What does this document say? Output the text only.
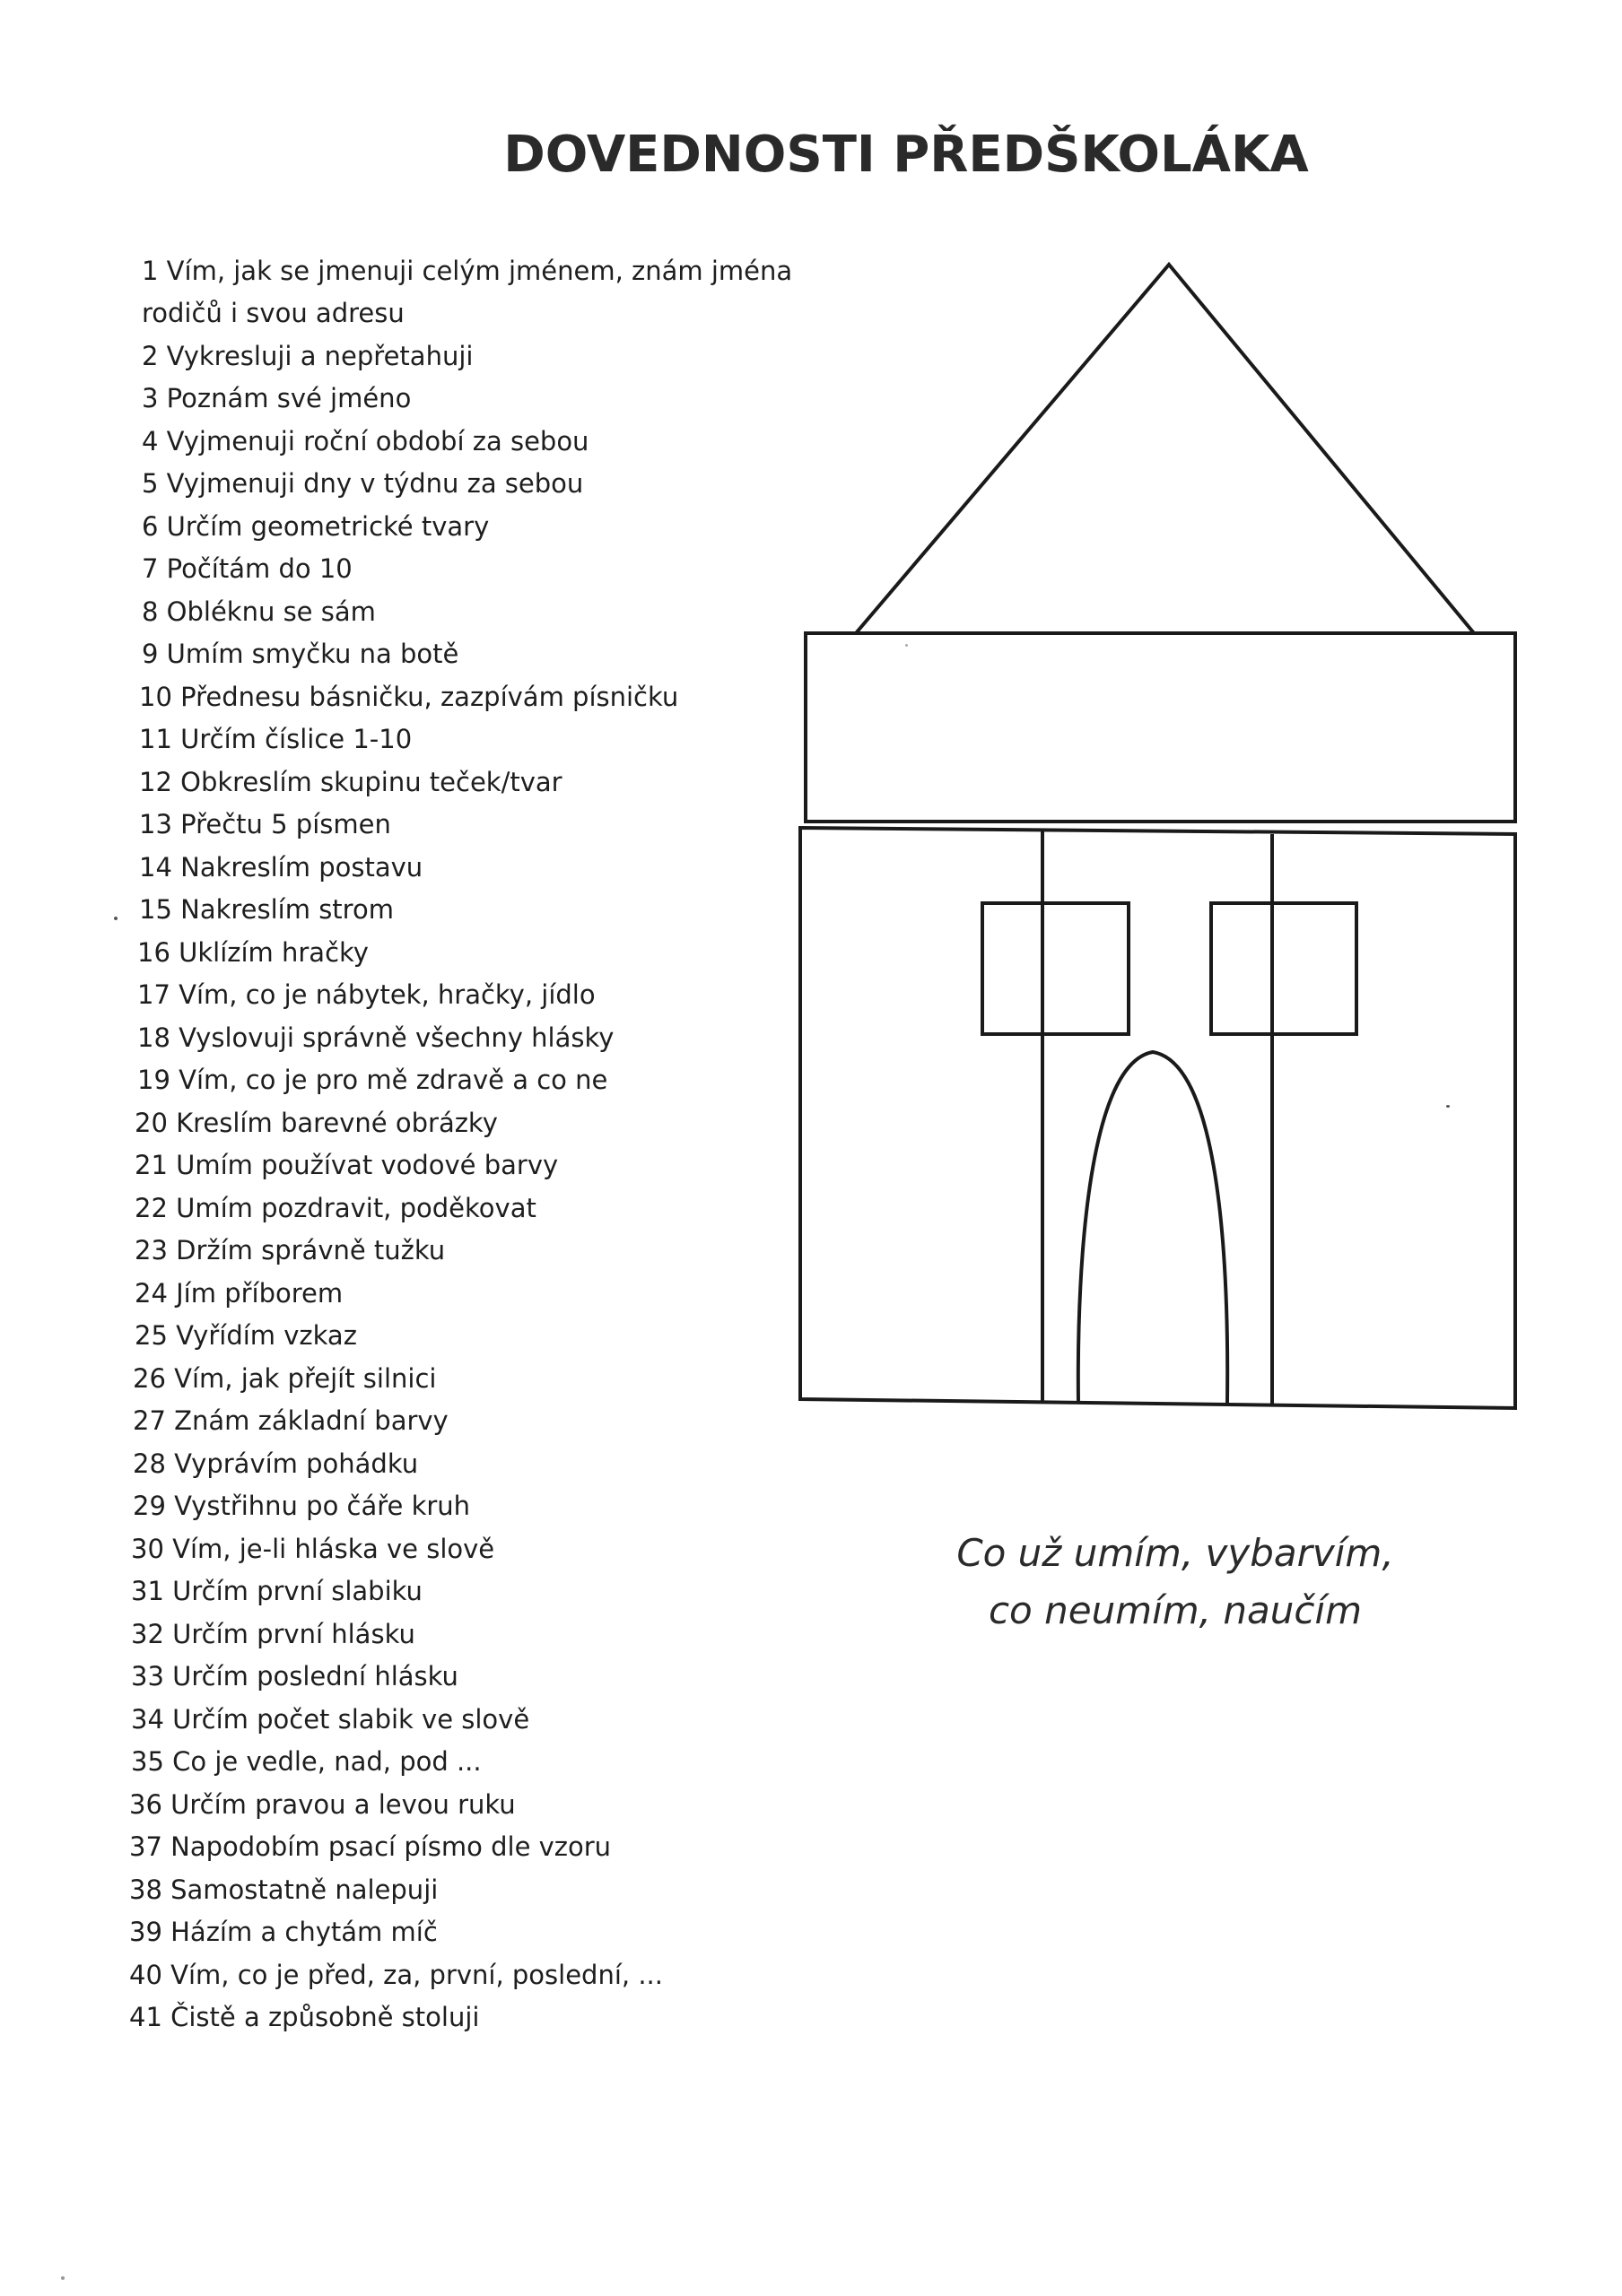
DOVEDNOSTI PŘEDŠKOLÁKA
1 Vím, jak se jmenuji celým jménem, znám jména
rodičů i svou adresu
2 Vykresluji a nepřetahuji
3 Poznám své jméno
4 Vyjmenuji roční období za sebou
5 Vyjmenuji dny v týdnu za sebou
6 Určím geometrické tvary
7 Počítám do 10
8 Obléknu se sám
9 Umím smyčku na botě
10 Přednesu básničku, zazpívám písničku
11 Určím číslice 1-10
12 Obkreslím skupinu teček/tvar
13 Přečtu 5 písmen
14 Nakreslím postavu
15 Nakreslím strom
16 Uklízím hračky
17 Vím, co je nábytek, hračky, jídlo
18 Vyslovuji správně všechny hlásky
19 Vím, co je pro mě zdravě a co ne
20 Kreslím barevné obrázky
21 Umím používat vodové barvy
22 Umím pozdravit, poděkovat
23 Držím správně tužku
24 Jím příborem
25 Vyřídím vzkaz
26 Vím, jak přejít silnici
27 Znám základní barvy
28 Vyprávím pohádku
29 Vystřihnu po čáře kruh
30 Vím, je-li hláska ve slově
31 Určím první slabiku
32 Určím první hlásku
33 Určím poslední hlásku
34 Určím počet slabik ve slově
35 Co je vedle, nad, pod ...
36 Určím pravou a levou ruku
37 Napodobím psací písmo dle vzoru
38 Samostatně nalepuji
39 Házím a chytám míč
40 Vím, co je před, za, první, poslední, ...
41 Čistě a způsobně stoluji
Co už umím, vybarvím,
co neumím, naučím
